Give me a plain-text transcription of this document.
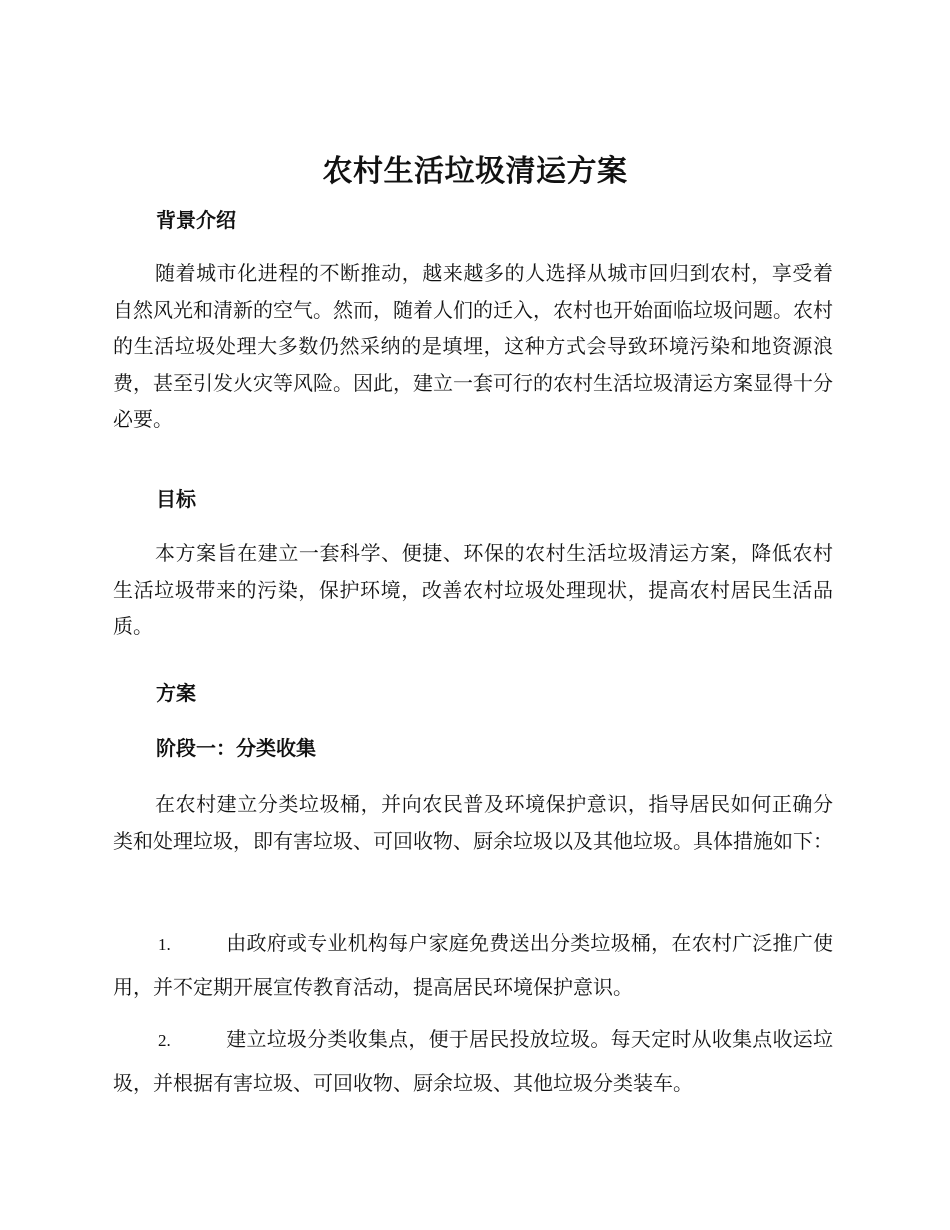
农村生活垃圾清运方案
背景介绍
随着城市化进程的不断推动，越来越多的人选择从城市回归到农村，享受着自然风光和清新的空气。然而，随着人们的迁入，农村也开始面临垃圾问题。农村的生活垃圾处理大多数仍然采纳的是填埋，这种方式会导致环境污染和地资源浪费，甚至引发火灾等风险。因此，建立一套可行的农村生活垃圾清运方案显得十分必要。
目标
本方案旨在建立一套科学、便捷、环保的农村生活垃圾清运方案，降低农村生活垃圾带来的污染，保护环境，改善农村垃圾处理现状，提高农村居民生活品质。
方案
阶段一：分类收集
在农村建立分类垃圾桶，并向农民普及环境保护意识，指导居民如何正确分类和处理垃圾，即有害垃圾、可回收物、厨余垃圾以及其他垃圾。具体措施如下：
1.	由政府或专业机构每户家庭免费送出分类垃圾桶，在农村广泛推广使用，并不定期开展宣传教育活动，提高居民环境保护意识。
2.	建立垃圾分类收集点，便于居民投放垃圾。每天定时从收集点收运垃圾，并根据有害垃圾、可回收物、厨余垃圾、其他垃圾分类装车。
